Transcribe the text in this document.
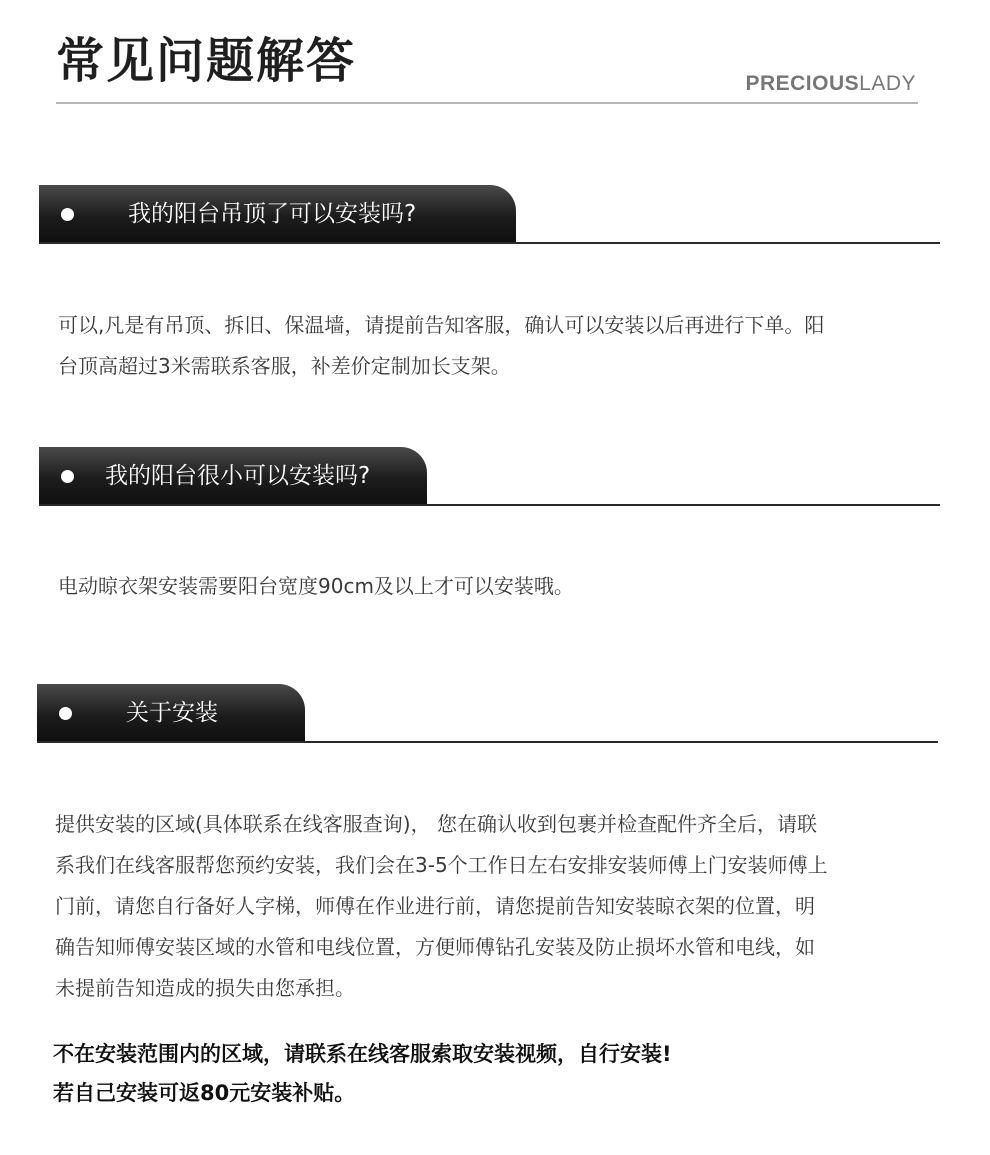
常见问题解答	PRECIOUSLADY
我的阳台吊顶了可以安装吗?

可以,凡是有吊顶、拆旧、保温墙，请提前告知客服，确认可以安装以后再进行下单。阳
台顶高超过3米需联系客服，补差价定制加长支架。

我的阳台很小可以安装吗?

电动晾衣架安装需要阳台宽度90cm及以上才可以安装哦。

关于安装

提供安装的区域(具体联系在线客服查询)， 您在确认收到包裹并检查配件齐全后，请联
系我们在线客服帮您预约安装，我们会在3-5个工作日左右安排安装师傅上门安装师傅上
门前，请您自行备好人字梯，师傅在作业进行前，请您提前告知安装晾衣架的位置，明
确告知师傅安装区域的水管和电线位置，方便师傅钻孔安装及防止损坏水管和电线，如
未提前告知造成的损失由您承担。

不在安装范围内的区域，请联系在线客服索取安装视频，自行安装!
若自己安装可返80元安装补贴。
